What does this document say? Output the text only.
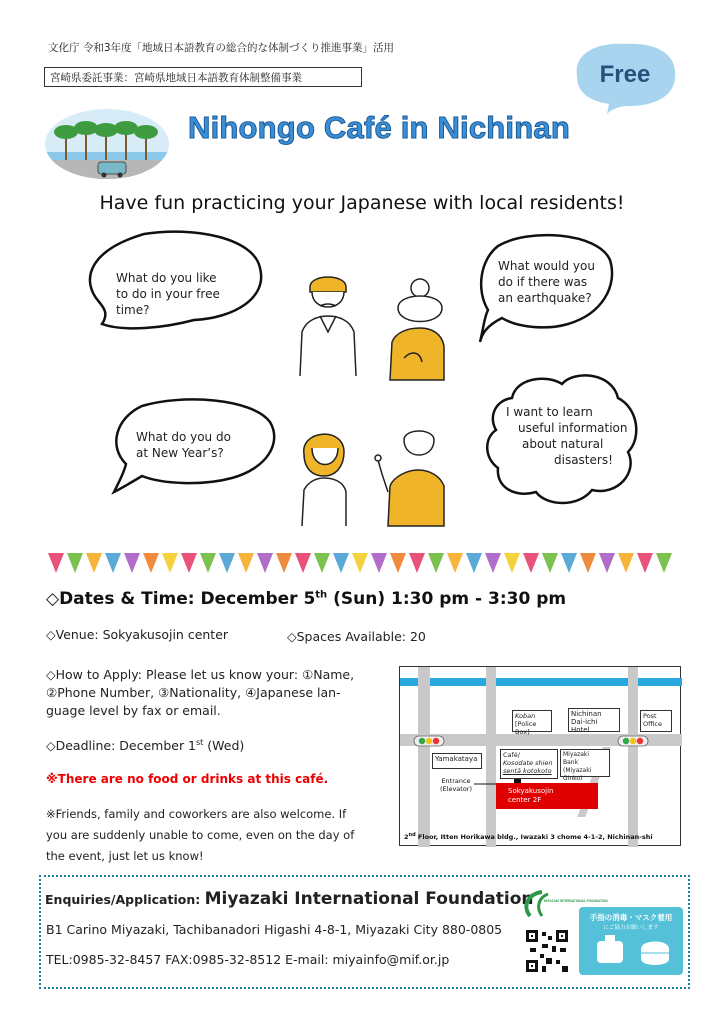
文化庁 令和3年度「地域日本語教育の総合的な体制づくり推進事業」活用
宮崎県委託事業：宮崎県地域日本語教育体制整備事業	Free
Nihongo Café in Nichinan
Have fun practicing your Japanese with local residents!
What do you like
to do in your free
time?
What would you
do if there was
an earthquake?
What do you do
at New Year’s?
I want to learn
useful information
about natural
disasters!
◇Dates & Time: December 5th (Sun) 1:30 pm - 3:30 pm
◇Venue: Sokyakusojin center	◇Spaces Available: 20
◇How to Apply: Please let us know your: ①Name,
②Phone Number, ③Nationality, ④Japanese lan-
guage level by fax or email.
◇Deadline: December 1st (Wed)
※There are no food or drinks at this café.
※Friends, family and coworkers are also welcome. If
you are suddenly unable to come, even on the day of
the event, just let us know!
Koban
[Police Box]
Nichinan
Dai-ichi Hotel
Post
Office
Yamakataya	Café/
Kosodate shien
sentā kotokoto
Miyazaki
Bank
(Miyazaki Ginko)
Entrance
(Elevator)	Sokyakusojin
center 2F
2nd Floor, Itten Horikawa bldg., Iwazaki 3 chome 4-1-2, Nichinan-shi
Enquiries/Application: Miyazaki International Foundation
B1 Carino Miyazaki, Tachibanadori Higashi 4-8-1, Miyazaki City 880-0805
TEL:0985-32-8457 FAX:0985-32-8512 E-mail: miyainfo@mif.or.jp
MIYAZAKI INTERNATIONAL FOUNDATION
手指の消毒・マスク着用
にご協力お願いします
